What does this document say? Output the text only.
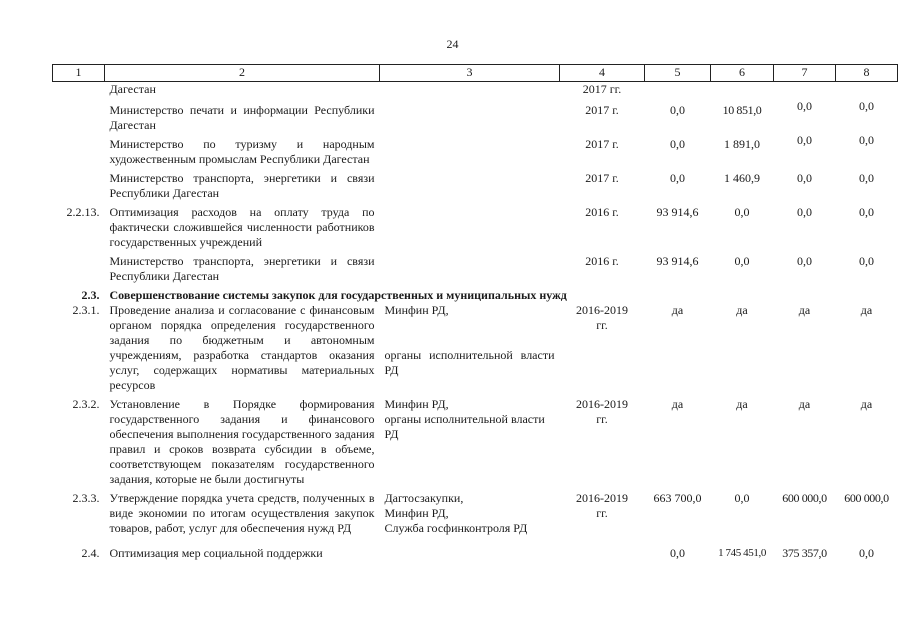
24
1	2	3	4	5	6	7	8
	Дагестан		2017 гг.				
	Министерство печати и информации Республики Дагестан		2017 г.	0,0	10 851,0	0,0	0,0
	Министерство по туризму и народным художественным промыслам Республики Дагестан		2017 г.	0,0	1 891,0	0,0	0,0
	Министерство транспорта, энергетики и связи Республики Дагестан		2017 г.	0,0	1 460,9	0,0	0,0
2.2.13.	Оптимизация расходов на оплату труда по фактически сложившейся численности работников государственных учреждений		2016 г.	93 914,6	0,0	0,0	0,0
	Министерство транспорта, энергетики и связи Республики Дагестан		2016 г.	93 914,6	0,0	0,0	0,0
2.3.	Совершенствование системы закупок для государственных и муниципальных нужд						
2.3.1.	Проведение анализа и согласование с финансовым органом порядка определения государственного задания по бюджетным и автономным учреждениям, разработка стандартов оказания услуг, содержащих нормативы материальных ресурсов	Минфин РД,
органы исполнительной власти РД	2016-2019 гг.	да	да	да	да
2.3.2.	Установление в Порядке формирования государственного задания и финансового обеспечения выполнения государственного задания правил и сроков возврата субсидии в объеме, соответствующем показателям государственного задания, которые не были достигнуты	Минфин РД,
органы исполнительной власти РД	2016-2019 гг.	да	да	да	да
2.3.3.	Утверждение порядка учета средств, полученных в виде экономии по итогам осуществления закупок товаров, работ, услуг для обеспечения нужд РД	Дагтосзакупки,
Минфин РД,
Служба госфинконтроля РД	2016-2019 гг.	663 700,0	0,0	600 000,0	600 000,0
2.4.	Оптимизация мер социальной поддержки			0,0	1 745 451,0	375 357,0	0,0
